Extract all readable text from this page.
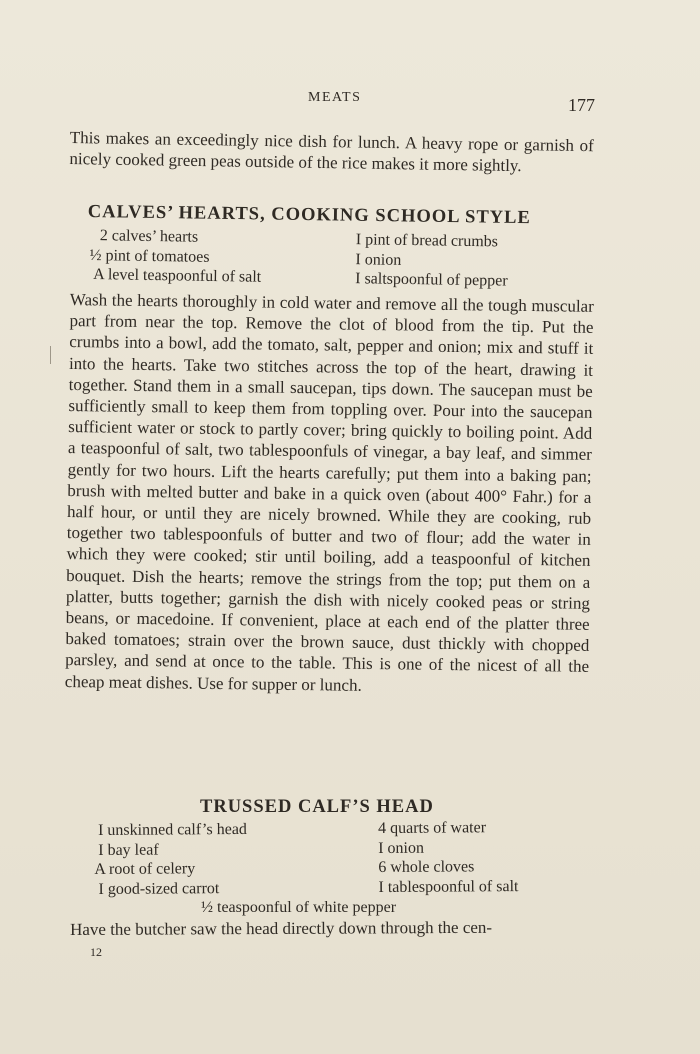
MEATS	177
This makes an exceedingly nice dish for lunch. A heavy rope or garnish of nicely cooked green peas outside of the rice makes it more sightly.
CALVES’ HEARTS, COOKING SCHOOL STYLE
2 calves’ hearts	I pint of bread crumbs
½ pint of tomatoes	I onion
A level teaspoonful of salt	I saltspoonful of pepper
Wash the hearts thoroughly in cold water and remove all the tough muscular part from near the top. Remove the clot of blood from the tip. Put the crumbs into a bowl, add the tomato, salt, pepper and onion; mix and stuff it into the hearts. Take two stitches across the top of the heart, drawing it together. Stand them in a small saucepan, tips down. The saucepan must be sufficiently small to keep them from toppling over. Pour into the saucepan sufficient water or stock to partly cover; bring quickly to boiling point. Add a teaspoonful of salt, two tablespoonfuls of vinegar, a bay leaf, and simmer gently for two hours. Lift the hearts carefully; put them into a baking pan; brush with melted butter and bake in a quick oven (about 400° Fahr.) for a half hour, or until they are nicely browned. While they are cooking, rub together two tablespoonfuls of butter and two of flour; add the water in which they were cooked; stir until boiling, add a teaspoonful of kitchen bouquet. Dish the hearts; remove the strings from the top; put them on a platter, butts together; garnish the dish with nicely cooked peas or string beans, or macedoine. If convenient, place at each end of the platter three baked tomatoes; strain over the brown sauce, dust thickly with chopped parsley, and send at once to the table. This is one of the nicest of all the cheap meat dishes. Use for supper or lunch.
TRUSSED CALF’S HEAD
I unskinned calf’s head	4 quarts of water
I bay leaf	I onion
A root of celery	6 whole cloves
I good-sized carrot	I tablespoonful of salt
½ teaspoonful of white pepper
Have the butcher saw the head directly down through the cen-
12
